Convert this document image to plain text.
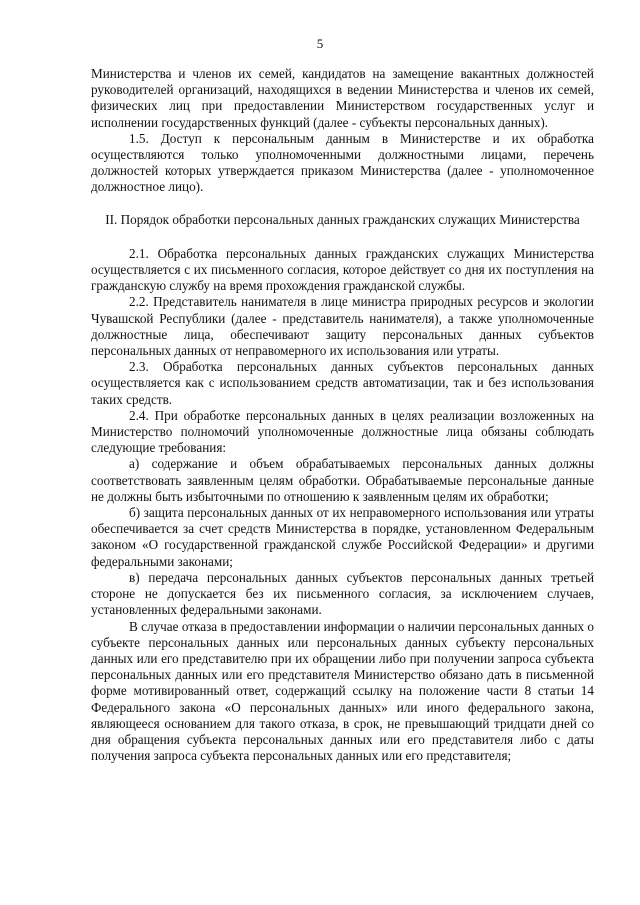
5

Министерства и членов их семей, кандидатов на замещение вакантных должностей руководителей организаций, находящихся в ведении Министерства и членов их семей, физических лиц при предоставлении Министерством государственных услуг и исполнении государственных функций (далее - субъекты персональных данных).

1.5. Доступ к персональным данным в Министерстве и их обработка осуществляются только уполномоченными должностными лицами, перечень должностей которых утверждается приказом Министерства (далее - уполномоченное должностное лицо).

II. Порядок обработки персональных данных гражданских служащих Министерства

2.1. Обработка персональных данных гражданских служащих Министерства осуществляется с их письменного согласия, которое действует со дня их поступления на гражданскую службу на время прохождения гражданской службы.

2.2. Представитель нанимателя в лице министра природных ресурсов и экологии Чувашской Республики (далее - представитель нанимателя), а также уполномоченные должностные лица, обеспечивают защиту персональных данных субъектов персональных данных от неправомерного их использования или утраты.

2.3. Обработка персональных данных субъектов персональных данных осуществляется как с использованием средств автоматизации, так и без использования таких средств.

2.4. При обработке персональных данных в целях реализации возложенных на Министерство полномочий уполномоченные должностные лица обязаны соблюдать следующие требования:

а) содержание и объем обрабатываемых персональных данных должны соответствовать заявленным целям обработки. Обрабатываемые персональные данные не должны быть избыточными по отношению к заявленным целям их обработки;

б) защита персональных данных от их неправомерного использования или утраты обеспечивается за счет средств Министерства в порядке, установленном Федеральным законом «О государственной гражданской службе Российской Федерации» и другими федеральными законами;

в) передача персональных данных субъектов персональных данных третьей стороне не допускается без их письменного согласия, за исключением случаев, установленных федеральными законами.

В случае отказа в предоставлении информации о наличии персональных данных о субъекте персональных данных или персональных данных субъекту персональных данных или его представителю при их обращении либо при получении запроса субъекта персональных данных или его представителя Министерство обязано дать в письменной форме мотивированный ответ, содержащий ссылку на положение части 8 статьи 14 Федерального закона «О персональных данных» или иного федерального закона, являющееся основанием для такого отказа, в срок, не превышающий тридцати дней со дня обращения субъекта персональных данных или его представителя либо с даты получения запроса субъекта персональных данных или его представителя;
